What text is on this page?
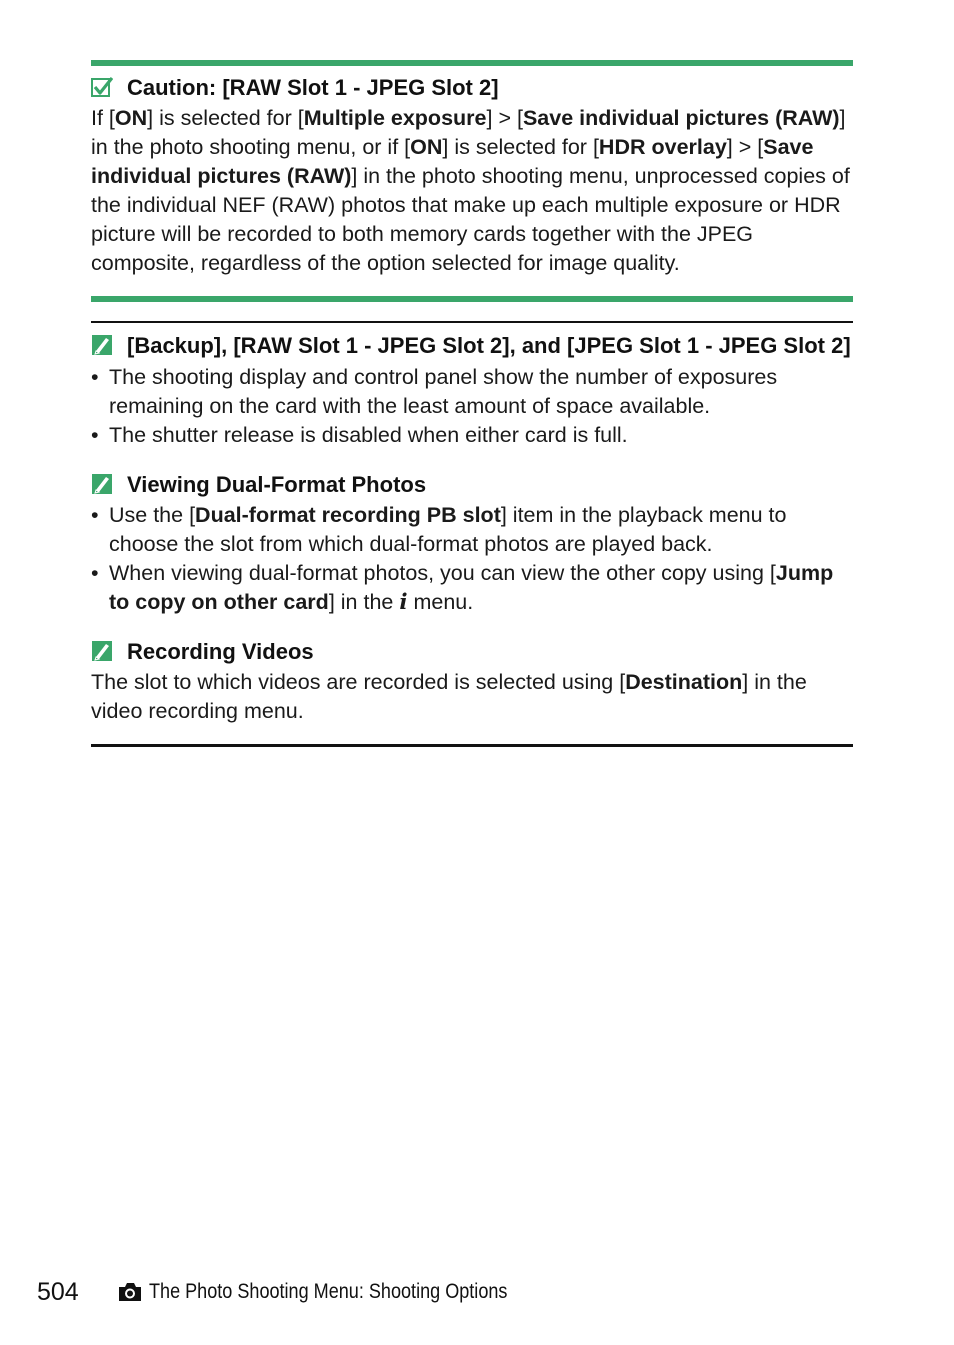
Caution: [RAW Slot 1 - JPEG Slot 2]

If [ON] is selected for [Multiple exposure] > [Save individual pictures (RAW)] in the photo shooting menu, or if [ON] is selected for [HDR overlay] > [Save individual pictures (RAW)] in the photo shooting menu, unprocessed copies of the individual NEF (RAW) photos that make up each multiple exposure or HDR picture will be recorded to both memory cards together with the JPEG composite, regardless of the option selected for image quality.

[Backup], [RAW Slot 1 - JPEG Slot 2], and [JPEG Slot 1 - JPEG Slot 2]
• The shooting display and control panel show the number of exposures remaining on the card with the least amount of space available.
• The shutter release is disabled when either card is full.
Viewing Dual-Format Photos
• Use the [Dual-format recording PB slot] item in the playback menu to choose the slot from which dual-format photos are played back.
• When viewing dual-format photos, you can view the other copy using [Jump to copy on other card] in the i menu.
Recording Videos

The slot to which videos are recorded is selected using [Destination] in the video recording menu.

504	The Photo Shooting Menu: Shooting Options
